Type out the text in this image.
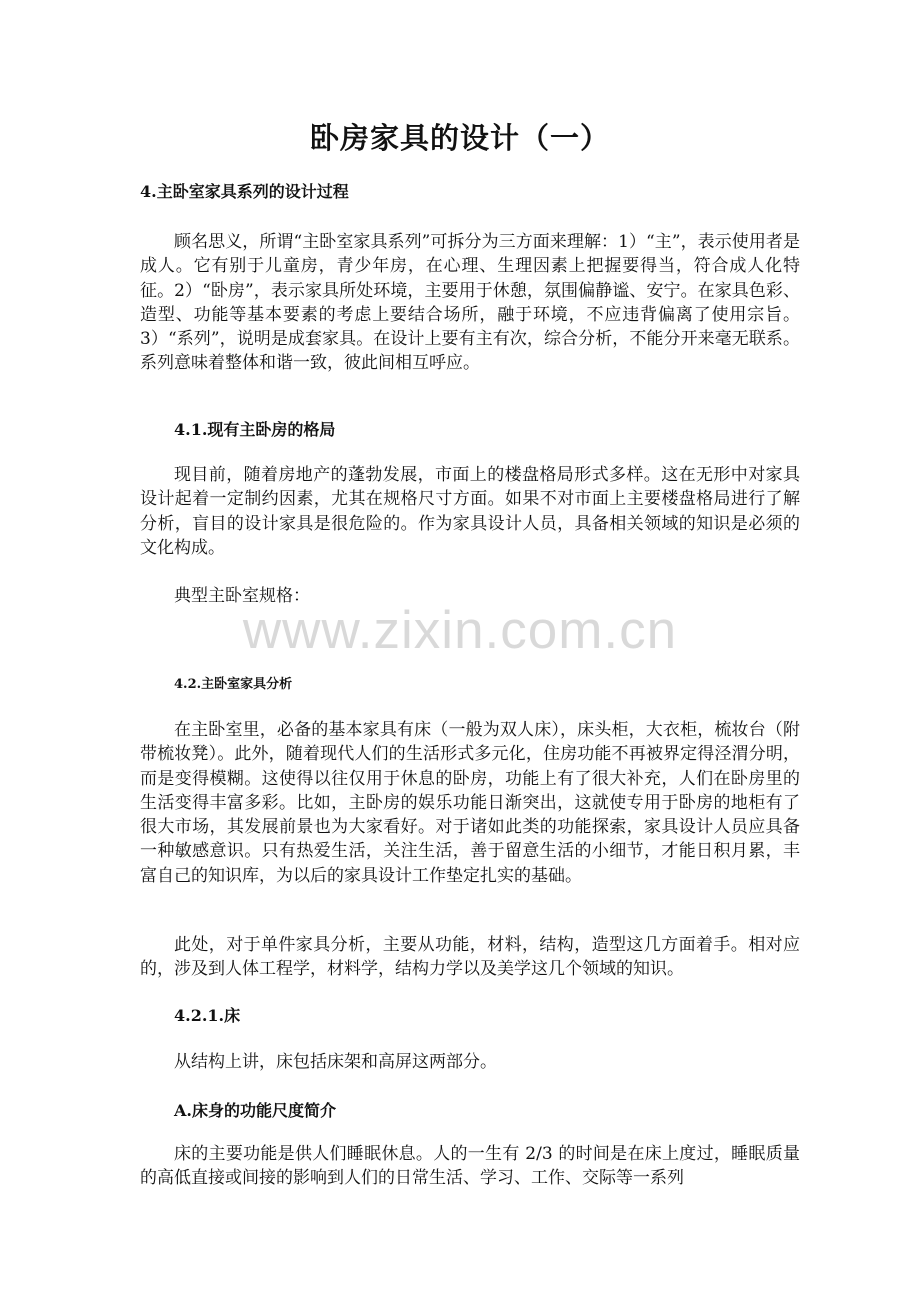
卧房家具的设计（一）
4.主卧室家具系列的设计过程
顾名思义，所谓“主卧室家具系列”可拆分为三方面来理解：1）“主”，表示使用者是成人。它有别于儿童房，青少年房，在心理、生理因素上把握要得当，符合成人化特征。2）“卧房”，表示家具所处环境，主要用于休憩，氛围偏静谧、安宁。在家具色彩、造型、功能等基本要素的考虑上要结合场所，融于环境，不应违背偏离了使用宗旨。3）“系列”，说明是成套家具。在设计上要有主有次，综合分析，不能分开来毫无联系。系列意味着整体和谐一致，彼此间相互呼应。
4.1.现有主卧房的格局
现目前，随着房地产的蓬勃发展，市面上的楼盘格局形式多样。这在无形中对家具设计起着一定制约因素，尤其在规格尺寸方面。如果不对市面上主要楼盘格局进行了解分析，盲目的设计家具是很危险的。作为家具设计人员，具备相关领域的知识是必须的文化构成。
典型主卧室规格：
www.zixin.com.cn
4.2.主卧室家具分析
在主卧室里，必备的基本家具有床（一般为双人床），床头柜，大衣柜，梳妆台（附带梳妆凳）。此外，随着现代人们的生活形式多元化，住房功能不再被界定得泾渭分明，而是变得模糊。这使得以往仅用于休息的卧房，功能上有了很大补充，人们在卧房里的生活变得丰富多彩。比如，主卧房的娱乐功能日渐突出，这就使专用于卧房的地柜有了很大市场，其发展前景也为大家看好。对于诸如此类的功能探索，家具设计人员应具备一种敏感意识。只有热爱生活，关注生活，善于留意生活的小细节，才能日积月累，丰富自己的知识库，为以后的家具设计工作垫定扎实的基础。
此处，对于单件家具分析，主要从功能，材料，结构，造型这几方面着手。相对应的，涉及到人体工程学，材料学，结构力学以及美学这几个领域的知识。
4.2.1.床
从结构上讲，床包括床架和高屏这两部分。
A.床身的功能尺度简介
床的主要功能是供人们睡眠休息。人的一生有 2/3 的时间是在床上度过，睡眠质量的高低直接或间接的影响到人们的日常生活、学习、工作、交际等一系列
